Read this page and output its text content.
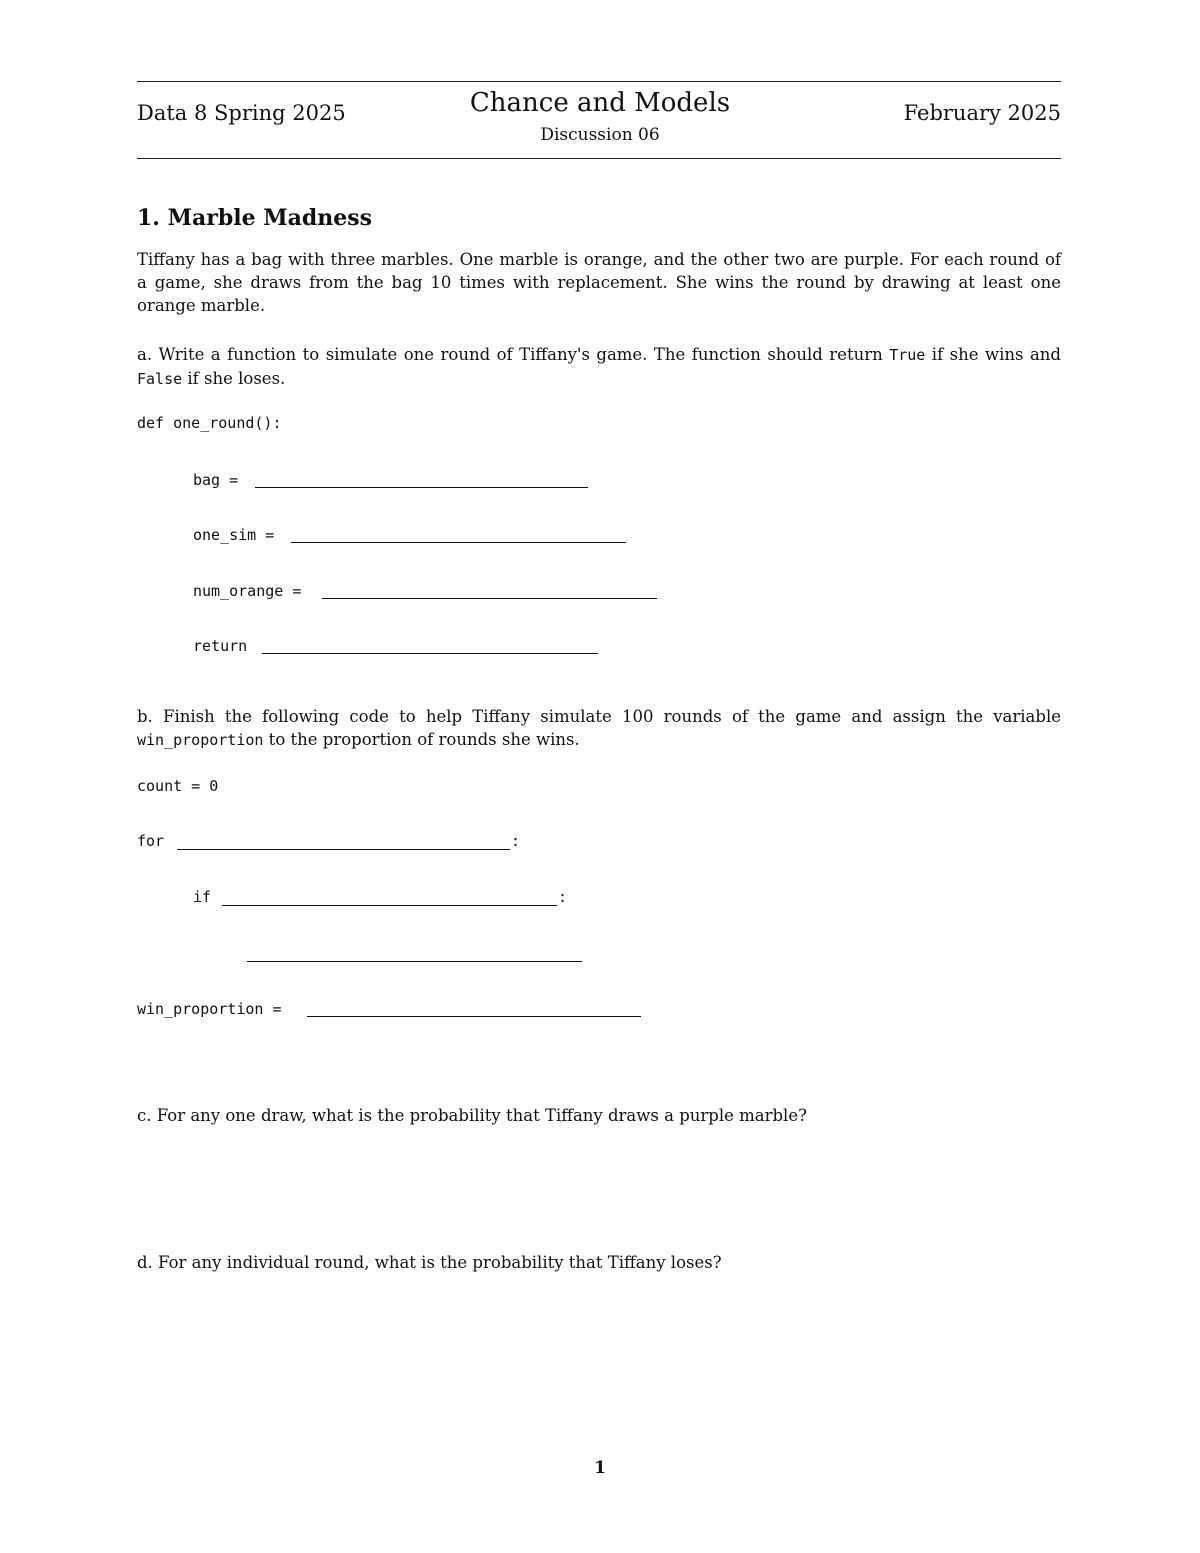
Data 8 Spring 2025	Chance and Models
Discussion 06
February 2025
1. Marble Madness
Tiffany has a bag with three marbles. One marble is orange, and the other two are purple. For each round of a game, she draws from the bag 10 times with replacement. She wins the round by drawing at least one orange marble.
a. Write a function to simulate one round of Tiffany's game. The function should return True if she wins and False if she loses.
def one_round():
bag =
one_sim =
num_orange =
return
b. Finish the following code to help Tiffany simulate 100 rounds of the game and assign the variable win_proportion to the proportion of rounds she wins.
count = 0
for	:
if	:
win_proportion =
c. For any one draw, what is the probability that Tiffany draws a purple marble?
d. For any individual round, what is the probability that Tiffany loses?
1
